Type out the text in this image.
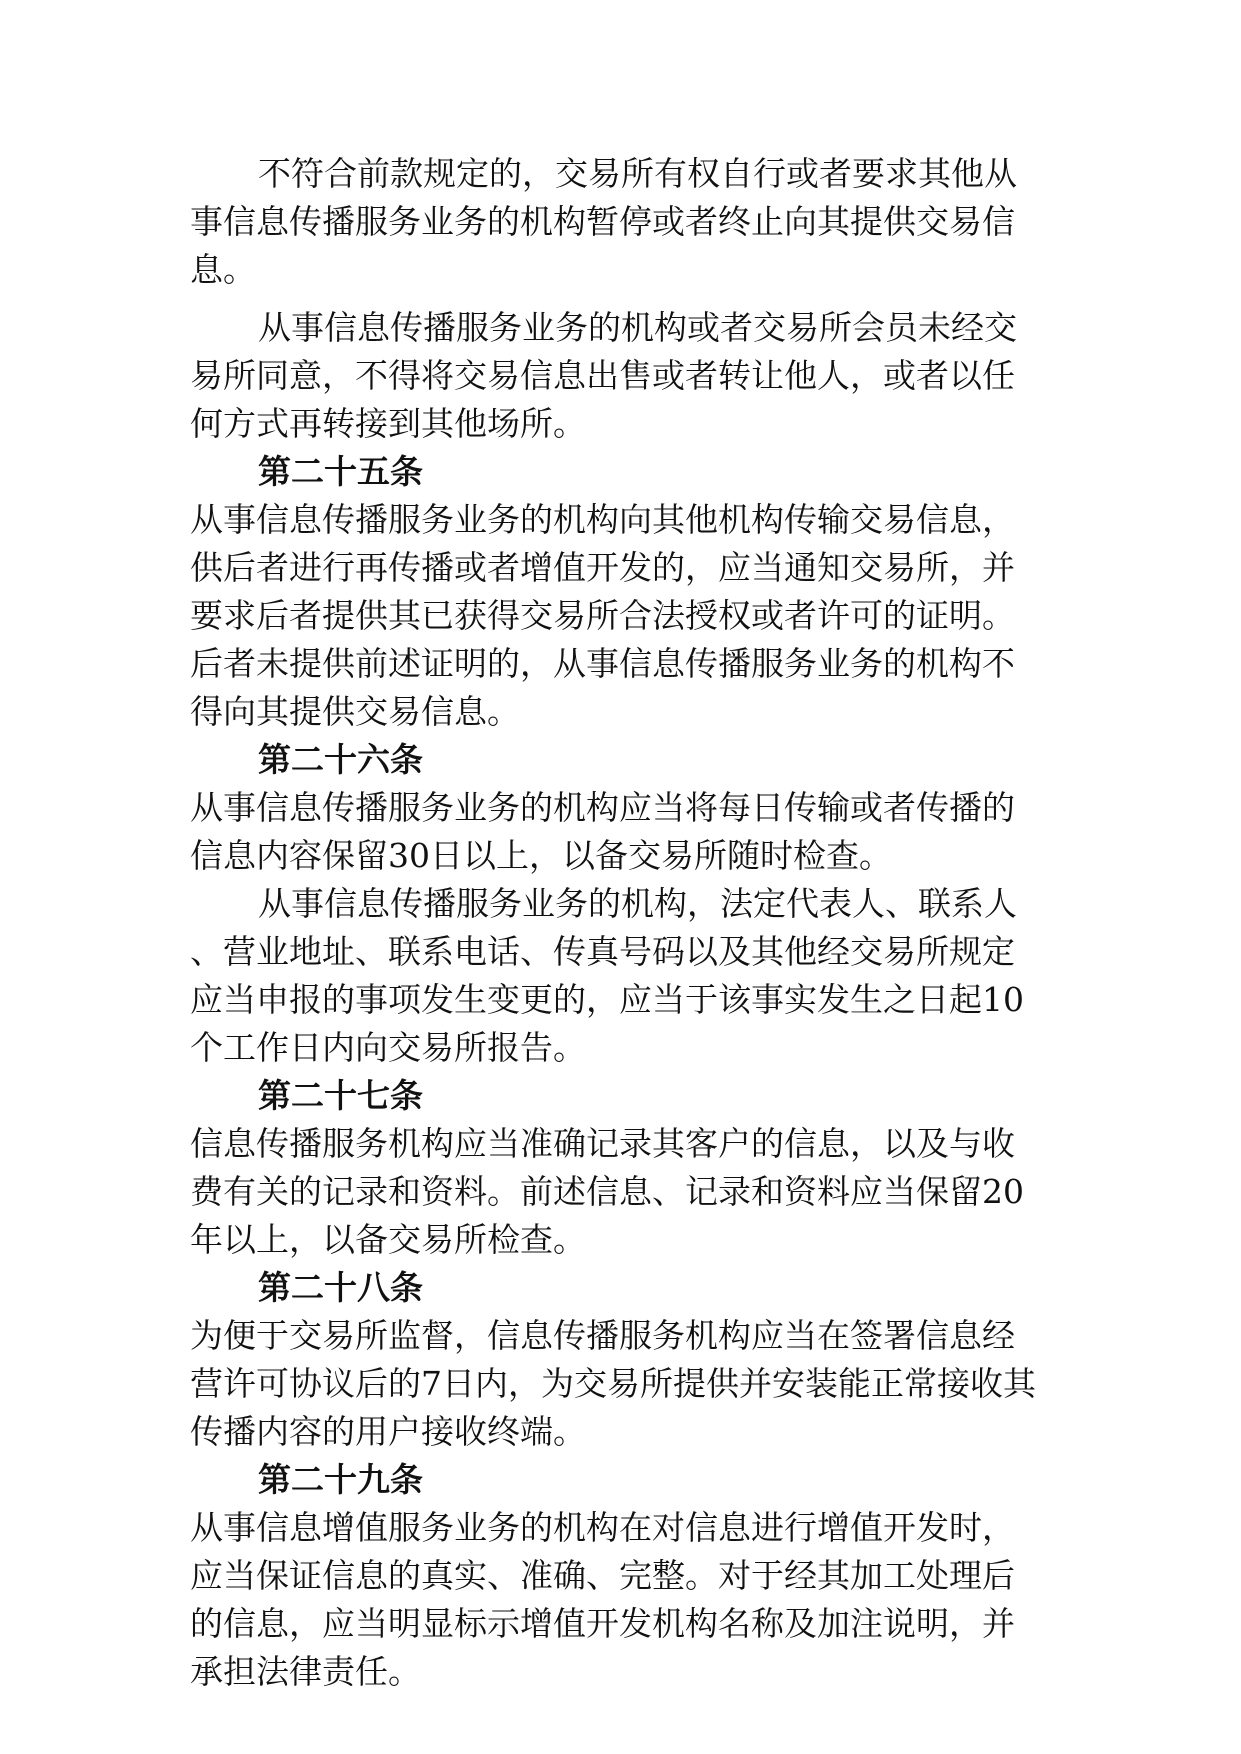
不符合前款规定的，交易所有权自行或者要求其他从
事信息传播服务业务的机构暂停或者终止向其提供交易信
息。
从事信息传播服务业务的机构或者交易所会员未经交
易所同意，不得将交易信息出售或者转让他人，或者以任
何方式再转接到其他场所。
第二十五条
从事信息传播服务业务的机构向其他机构传输交易信息，
供后者进行再传播或者增值开发的，应当通知交易所，并
要求后者提供其已获得交易所合法授权或者许可的证明。
后者未提供前述证明的，从事信息传播服务业务的机构不
得向其提供交易信息。
第二十六条
从事信息传播服务业务的机构应当将每日传输或者传播的
信息内容保留30日以上，以备交易所随时检查。
从事信息传播服务业务的机构，法定代表人、联系人
、营业地址、联系电话、传真号码以及其他经交易所规定
应当申报的事项发生变更的，应当于该事实发生之日起10
个工作日内向交易所报告。
第二十七条
信息传播服务机构应当准确记录其客户的信息，以及与收
费有关的记录和资料。前述信息、记录和资料应当保留20
年以上，以备交易所检查。
第二十八条
为便于交易所监督，信息传播服务机构应当在签署信息经
营许可协议后的7日内，为交易所提供并安装能正常接收其
传播内容的用户接收终端。
第二十九条
从事信息增值服务业务的机构在对信息进行增值开发时，
应当保证信息的真实、准确、完整。对于经其加工处理后
的信息，应当明显标示增值开发机构名称及加注说明，并
承担法律责任。
